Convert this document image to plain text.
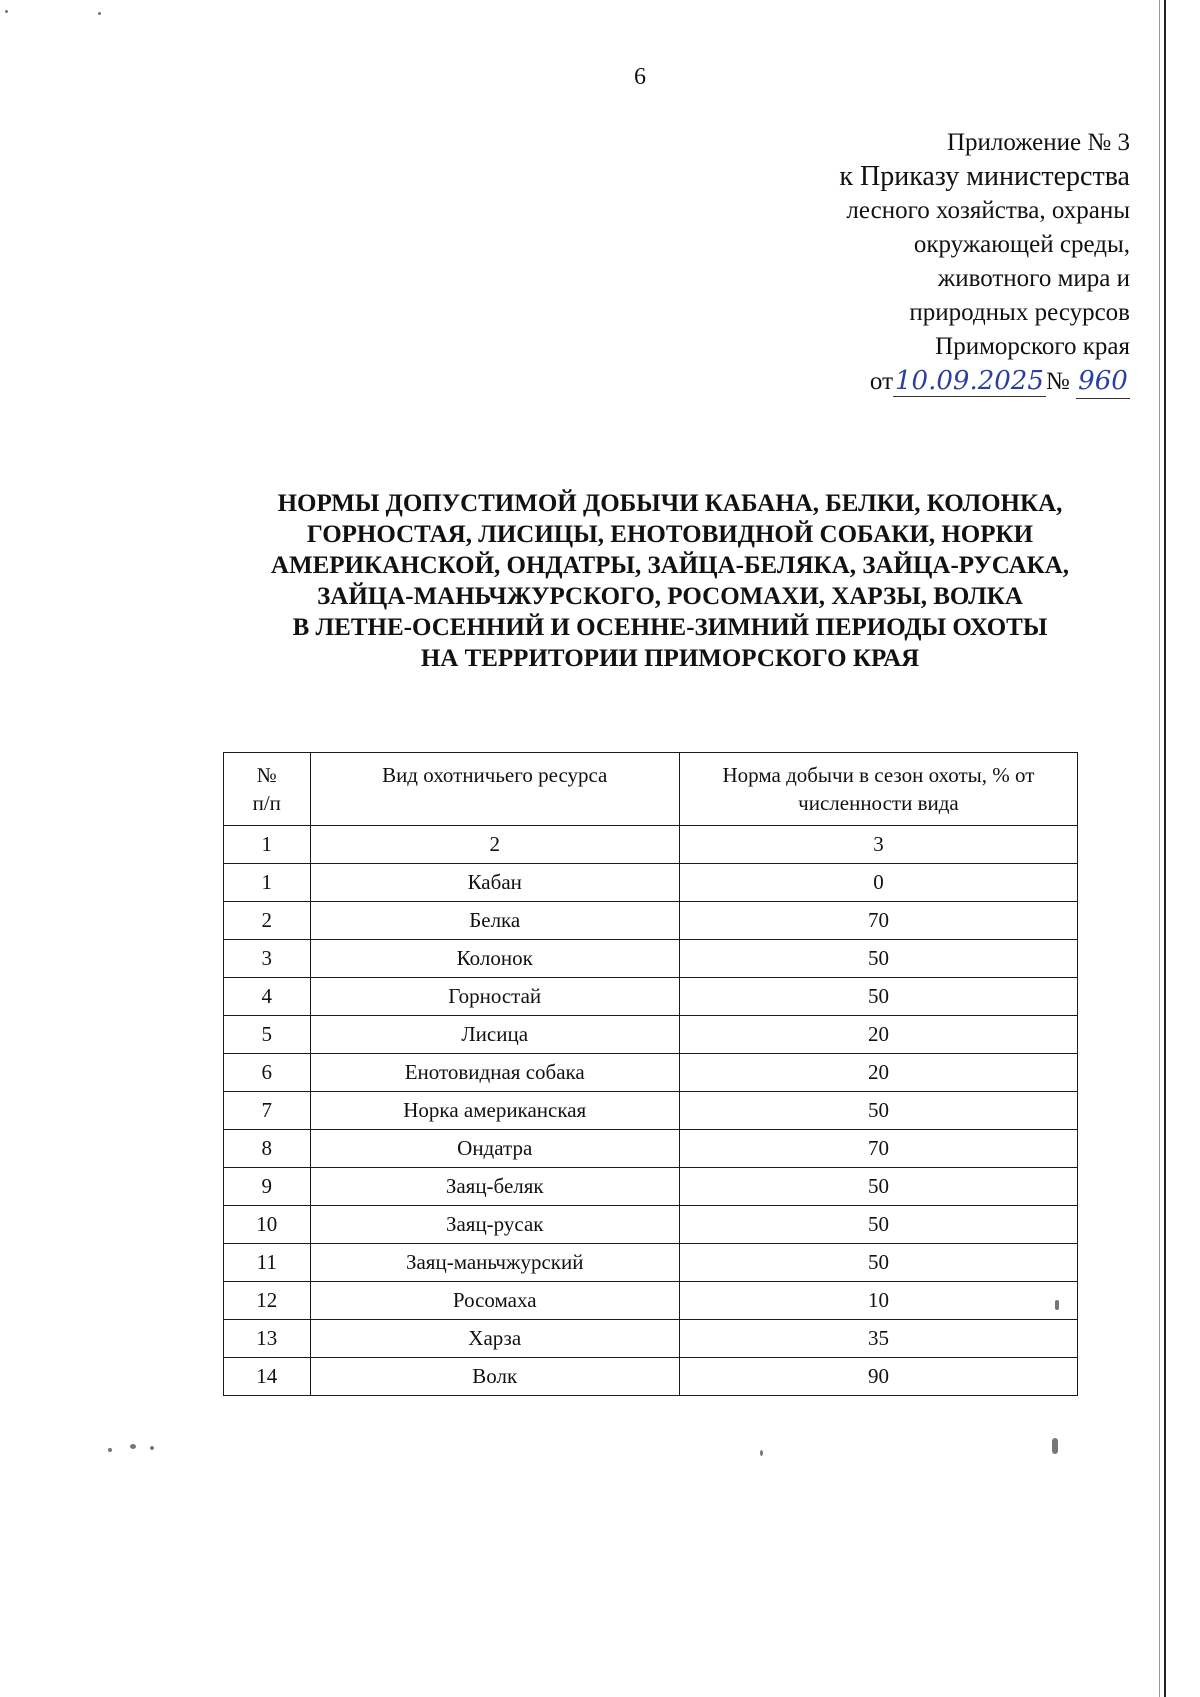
6
Приложение № 3
к Приказу министерства
лесного хозяйства, охраны
окружающей среды,
животного мира и
природных ресурсов
Приморского края
от10.09.2025№ 960
НОРМЫ ДОПУСТИМОЙ ДОБЫЧИ КАБАНА, БЕЛКИ, КОЛОНКА,
ГОРНОСТАЯ, ЛИСИЦЫ, ЕНОТОВИДНОЙ СОБАКИ, НОРКИ
АМЕРИКАНСКОЙ, ОНДАТРЫ, ЗАЙЦА-БЕЛЯКА, ЗАЙЦА-РУСАКА,
ЗАЙЦА-МАНЬЧЖУРСКОГО, РОСОМАХИ, ХАРЗЫ, ВОЛКА
В ЛЕТНЕ-ОСЕННИЙ И ОСЕННЕ-ЗИМНИЙ ПЕРИОДЫ ОХОТЫ
НА ТЕРРИТОРИИ ПРИМОРСКОГО КРАЯ
№
п/п	Вид охотничьего ресурса	Норма добычи в сезон охоты, % от
численности вида
1	2	3
1	Кабан	0
2	Белка	70
3	Колонок	50
4	Горностай	50
5	Лисица	20
6	Енотовидная собака	20
7	Норка американская	50
8	Ондатра	70
9	Заяц-беляк	50
10	Заяц-русак	50
11	Заяц-маньчжурский	50
12	Росомаха	10
13	Харза	35
14	Волк	90
